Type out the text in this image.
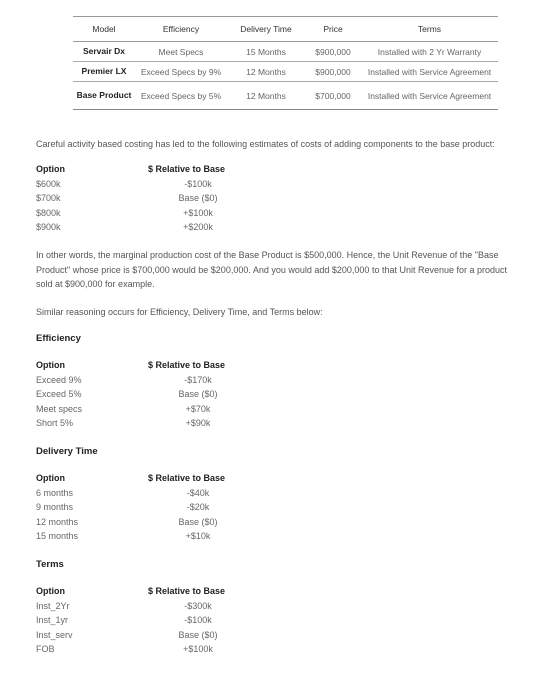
Model	Efficiency	Delivery Time	Price	Terms
Servair Dx	Meet Specs	15 Months	$900,000	Installed with 2 Yr Warranty
Premier LX	Exceed Specs by 9%	12 Months	$900,000	Installed with Service Agreement
Base Product	Exceed Specs by 5%	12 Months	$700,000	Installed with Service Agreement
Careful activity based costing has led to the following estimates of costs of adding components to the base product:
Option	$ Relative to Base
$600k	-$100k
$700k	Base ($0)
$800k	+$100k
$900k	+$200k
In other words, the marginal production cost of the Base Product is $500,000. Hence, the Unit Revenue of the "Base Product" whose price is $700,000 would be $200,000. And you would add $200,000 to that Unit Revenue for a product sold at $900,000 for example.
Similar reasoning occurs for Efficiency, Delivery Time, and Terms below:
Efficiency
Option	$ Relative to Base
Exceed 9%	-$170k
Exceed 5%	Base ($0)
Meet specs	+$70k
Short 5%	+$90k
Delivery Time
Option	$ Relative to Base
6 months	-$40k
9 months	-$20k
12 months	Base ($0)
15 months	+$10k
Terms
Option	$ Relative to Base
Inst_2Yr	-$300k
Inst_1yr	-$100k
Inst_serv	Base ($0)
FOB	+$100k
